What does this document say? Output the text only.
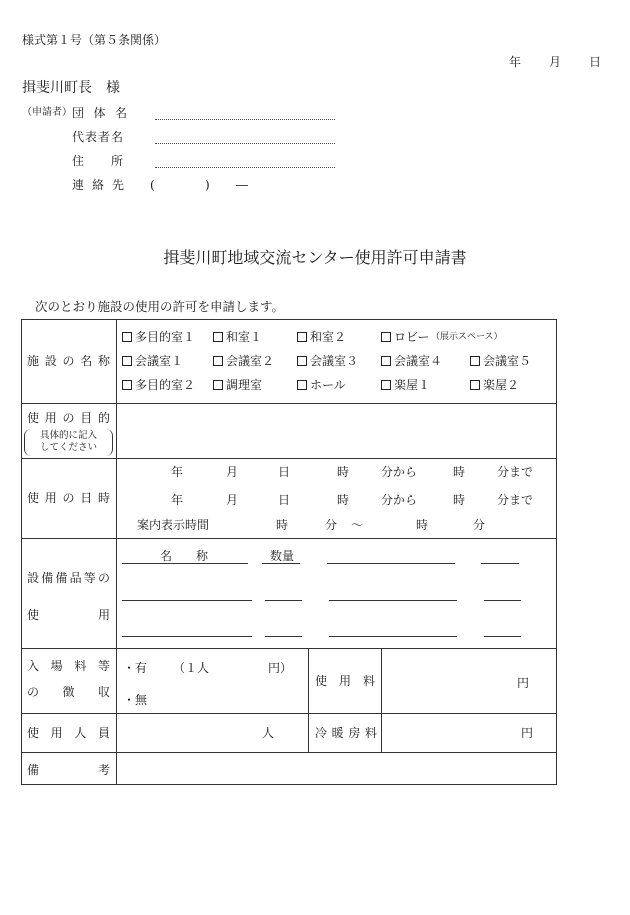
様式第１号（第５条関係）
年 月 日
揖斐川町長　様
（申請者） 団 体 名
代表者名
住　　所
連 絡 先 (	) ―
揖斐川町地域交流センター使用許可申請書
次のとおり施設の使用の許可を申請します。
施 設 の 名 称
多目的室１	和室１	和室２	ロビー （展示スペース）
会議室１	会議室２	会議室３	会議室４	会議室５
多目的室２	調理室	ホール	楽屋１	楽屋２
使 用 の 目 的
具体的に記入
してください
使 用 の 日 時
年	月	日	時	分から	時	分まで
年	月	日	時	分から	時	分まで
案内表示時間	時	分 ～	時	分
設備備品等の
使　　　　用
名　　称	数量
入 場 料 等
の　徴　収
・有 （１人	円）
・無
使 用 料	円
使 用 人 員	人	冷 暖 房 料	円
備　　　　考
